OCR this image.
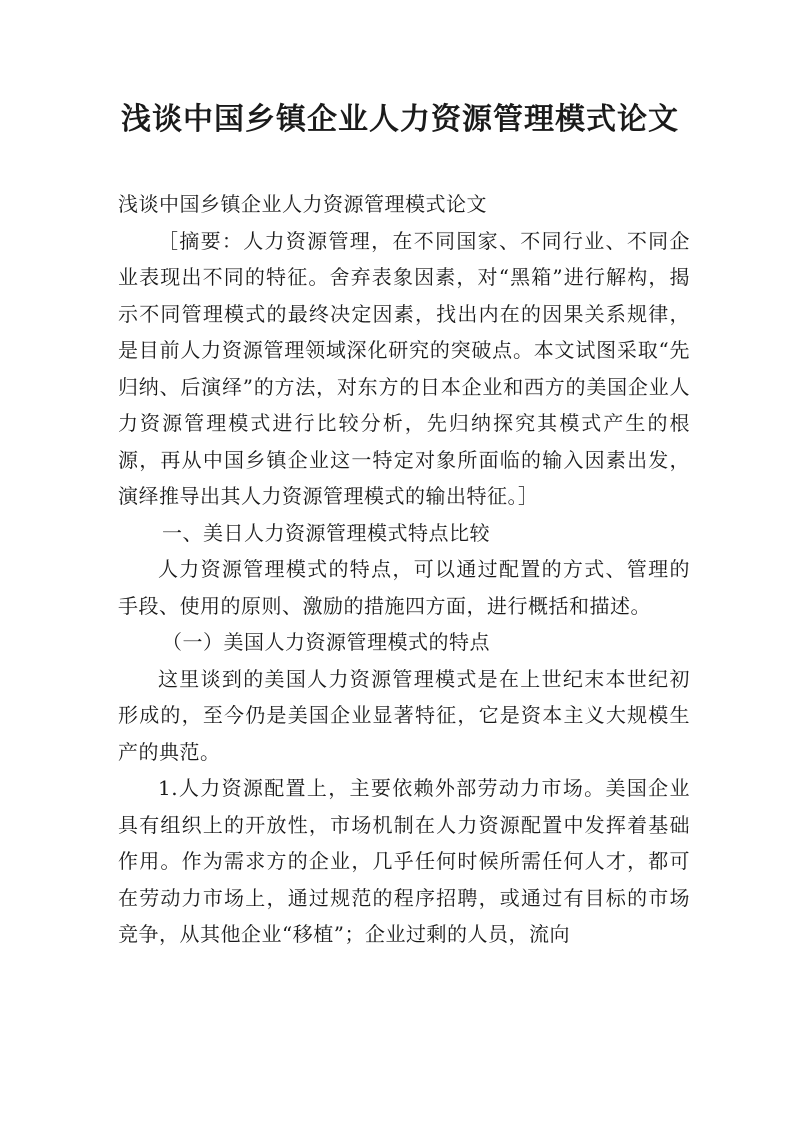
浅谈中国乡镇企业人力资源管理模式论文

浅谈中国乡镇企业人力资源管理模式论文

［摘要：人力资源管理，在不同国家、不同行业、不同企业表现出不同的特征。舍弃表象因素，对“黑箱”进行解构，揭示不同管理模式的最终决定因素，找出内在的因果关系规律，是目前人力资源管理领域深化研究的突破点。本文试图采取“先归纳、后演绎”的方法，对东方的日本企业和西方的美国企业人力资源管理模式进行比较分析，先归纳探究其模式产生的根源，再从中国乡镇企业这一特定对象所面临的输入因素出发，演绎推导出其人力资源管理模式的输出特征。］

一、美日人力资源管理模式特点比较

人力资源管理模式的特点，可以通过配置的方式、管理的手段、使用的原则、激励的措施四方面，进行概括和描述。

（一）美国人力资源管理模式的特点

这里谈到的美国人力资源管理模式是在上世纪末本世纪初形成的，至今仍是美国企业显著特征，它是资本主义大规模生产的典范。

1.人力资源配置上，主要依赖外部劳动力市场。美国企业具有组织上的开放性，市场机制在人力资源配置中发挥着基础作用。作为需求方的企业，几乎任何时候所需任何人才，都可在劳动力市场上，通过规范的程序招聘，或通过有目标的市场竞争，从其他企业“移植”；企业过剩的人员，流向
